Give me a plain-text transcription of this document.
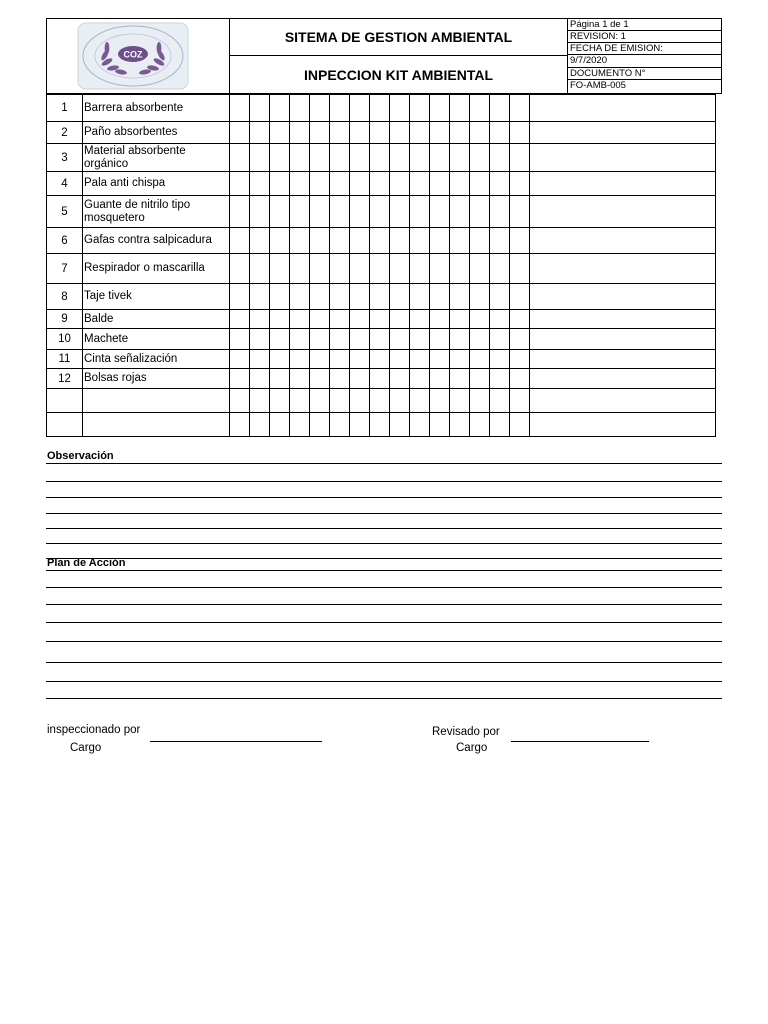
COZ
SITEMA DE GESTION AMBIENTAL
INPECCION KIT AMBIENTAL
Página 1 de 1
REVISION: 1
FECHA DE EMISION:
9/7/2020
DOCUMENTO N°
FO-AMB-005
1	Barrera absorbente																
2	Paño absorbentes																
3	Material absorbente orgánico																
4	Pala anti chispa																
5	Guante de nitrilo tipo mosquetero																
6	Gafas contra salpicadura																
7	Respirador o mascarilla																
8	Taje tivek																
9	Balde																
10	Machete																
11	Cinta señalización																
12	Bolsas rojas																

Observación
Plan de Acción
inspeccionado por
Cargo
Revisado por
Cargo
